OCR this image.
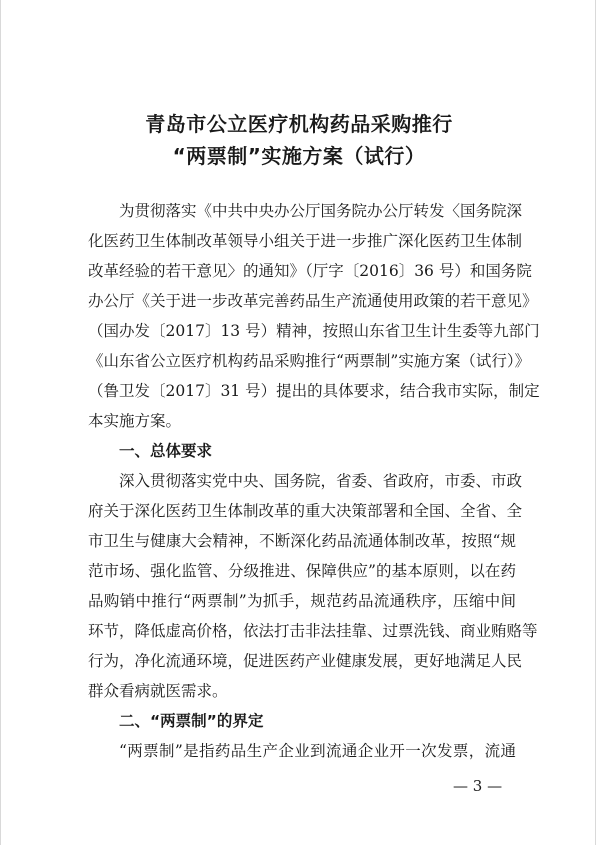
青岛市公立医疗机构药品采购推行
“两票制”实施方案（试行）
为贯彻落实《中共中央办公厅国务院办公厅转发〈国务院深
化医药卫生体制改革领导小组关于进一步推广深化医药卫生体制
改革经验的若干意见〉的通知》（厅字〔2016〕36 号）和国务院
办公厅《关于进一步改革完善药品生产流通使用政策的若干意见》
（国办发〔2017〕13 号）精神，按照山东省卫生计生委等九部门
《山东省公立医疗机构药品采购推行“两票制”实施方案（试行）》
（鲁卫发〔2017〕31 号）提出的具体要求，结合我市实际，制定
本实施方案。
一、总体要求
深入贯彻落实党中央、国务院，省委、省政府，市委、市政
府关于深化医药卫生体制改革的重大决策部署和全国、全省、全
市卫生与健康大会精神，不断深化药品流通体制改革，按照“规
范市场、强化监管、分级推进、保障供应”的基本原则，以在药
品购销中推行“两票制”为抓手，规范药品流通秩序，压缩中间
环节，降低虚高价格，依法打击非法挂靠、过票洗钱、商业贿赂等
行为，净化流通环境，促进医药产业健康发展，更好地满足人民
群众看病就医需求。
二、“两票制”的界定
“两票制”是指药品生产企业到流通企业开一次发票，流通
— 3 —
